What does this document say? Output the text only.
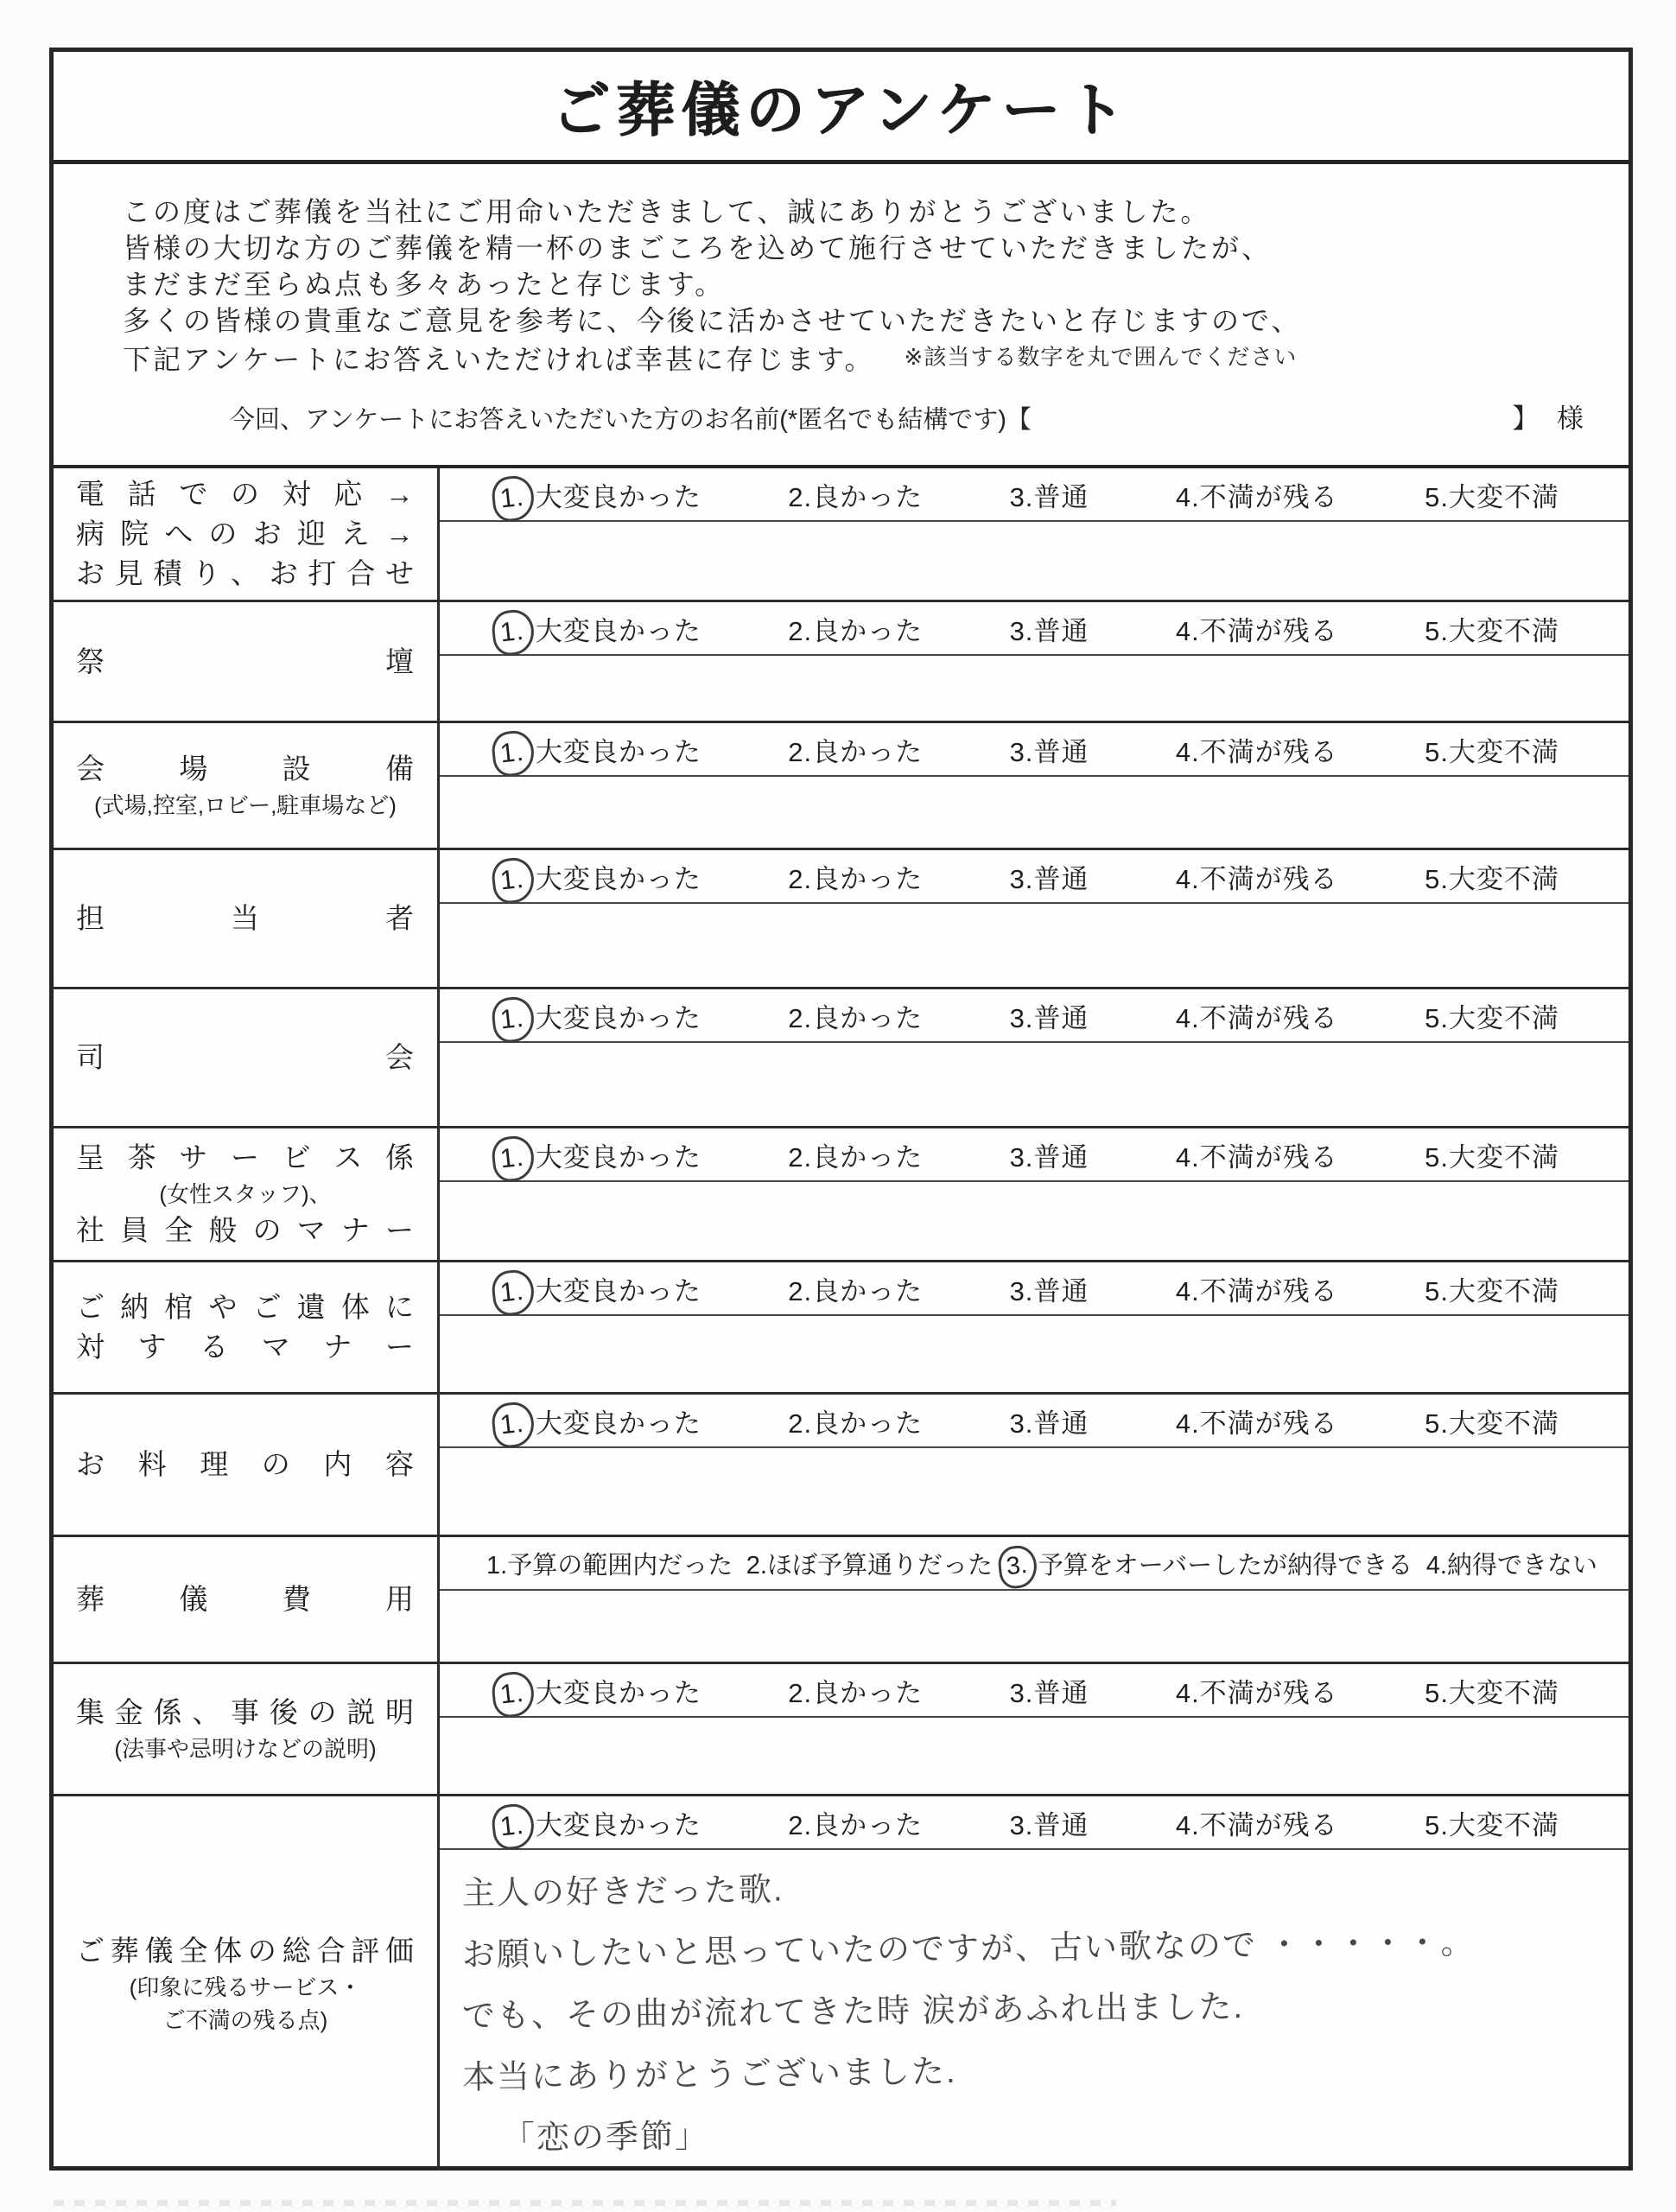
ご葬儀のアンケート
この度はご葬儀を当社にご用命いただきまして、誠にありがとうございました。
皆様の大切な方のご葬儀を精一杯のまごころを込めて施行させていただきましたが、
まだまだ至らぬ点も多々あったと存じます。
多くの皆様の貴重なご意見を参考に、今後に活かさせていただきたいと存じますので、
下記アンケートにお答えいただければ幸甚に存じます。 ※該当する数字を丸で囲んでください
今回、アンケートにお答えいただいた方のお名前(*匿名でも結構です)【	】 様
電話での対応→
病院へのお迎え→
お見積り、お打合せ
1. 大変良かった	2.良かった	3.普通	4.不満が残る	5.大変不満
祭 壇
1. 大変良かった	2.良かった	3.普通	4.不満が残る	5.大変不満
会 場 設 備
(式場,控室,ロビー,駐車場など)
1. 大変良かった	2.良かった	3.普通	4.不満が残る	5.大変不満
担 当 者
1. 大変良かった	2.良かった	3.普通	4.不満が残る	5.大変不満
司 会
1. 大変良かった	2.良かった	3.普通	4.不満が残る	5.大変不満
呈茶サービス係
(女性スタッフ)、
社員全般のマナー
1. 大変良かった	2.良かった	3.普通	4.不満が残る	5.大変不満
ご納棺やご遺体に
対するマナー
1. 大変良かった	2.良かった	3.普通	4.不満が残る	5.大変不満
お 料 理 の 内 容
1. 大変良かった	2.良かった	3.普通	4.不満が残る	5.大変不満
葬 儀 費 用
1.予算の範囲内だった 2.ほぼ予算通りだった 3. 予算をオーバーしたが納得できる 4.納得できない
集金係、事後の説明
(法事や忌明けなどの説明)
1. 大変良かった	2.良かった	3.普通	4.不満が残る	5.大変不満
ご葬儀全体の総合評価
(印象に残るサービス・
ご不満の残る点)
1. 大変良かった	2.良かった	3.普通	4.不満が残る	5.大変不満
主人の好きだった歌.
お願いしたいと思っていたのですが、古い歌なので ・・・・・。
でも、その曲が流れてきた時 涙があふれ出ました.
本当にありがとうございました.
「恋の季節」
